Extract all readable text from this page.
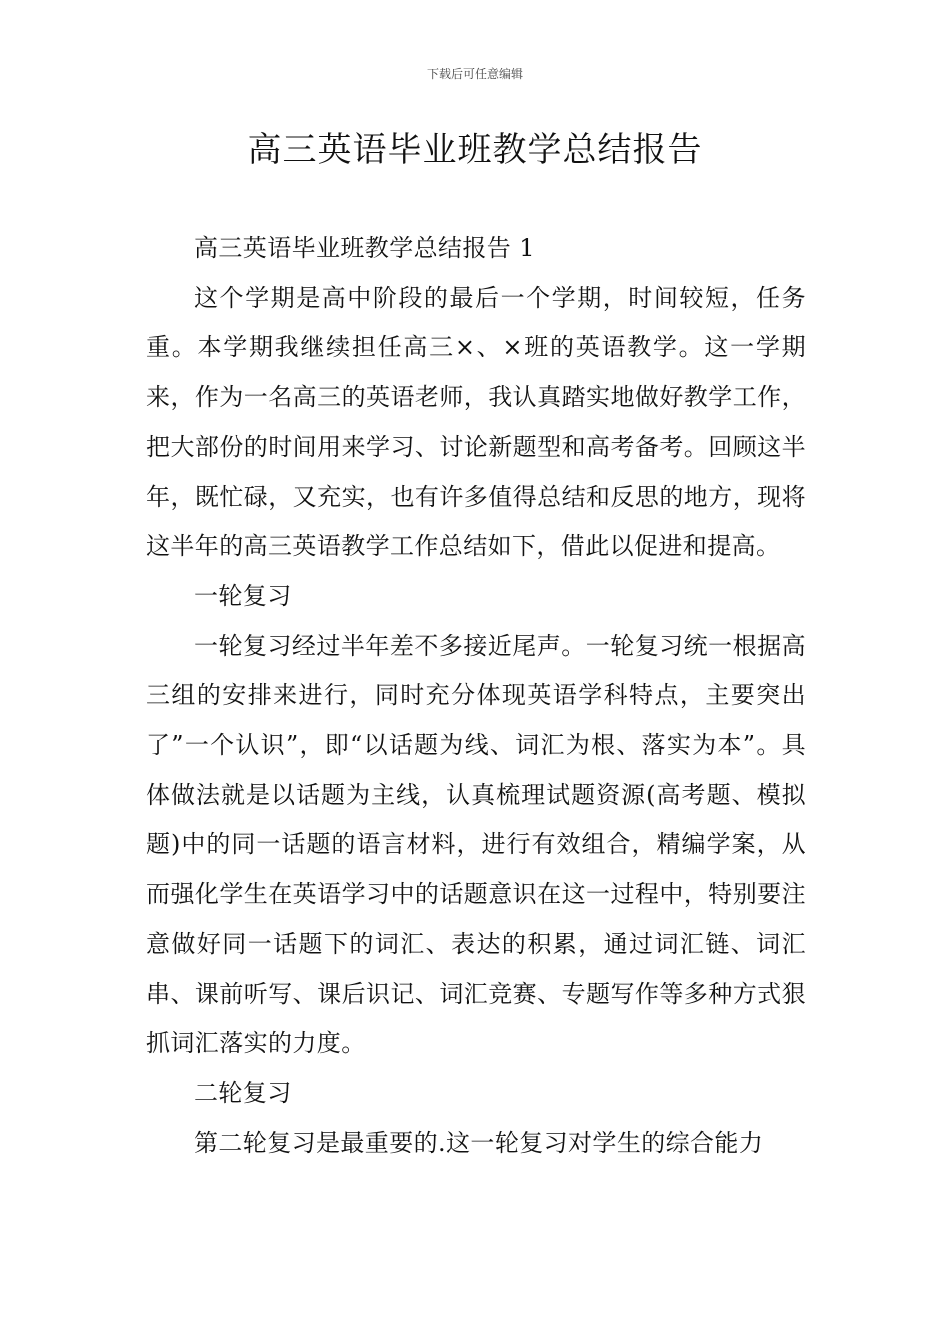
下载后可任意编辑
高三英语毕业班教学总结报告

高三英语毕业班教学总结报告 1

这个学期是高中阶段的最后一个学期，时间较短，任务重。本学期我继续担任高三×、×班的英语教学。这一学期来，作为一名高三的英语老师，我认真踏实地做好教学工作，把大部份的时间用来学习、讨论新题型和高考备考。回顾这半年，既忙碌，又充实，也有许多值得总结和反思的地方，现将这半年的高三英语教学工作总结如下，借此以促进和提高。

一轮复习

一轮复习经过半年差不多接近尾声。一轮复习统一根据高三组的安排来进行，同时充分体现英语学科特点，主要突出了”一个认识”，即“以话题为线、词汇为根、落实为本”。具体做法就是以话题为主线，认真梳理试题资源(高考题、模拟题)中的同一话题的语言材料，进行有效组合，精编学案，从而强化学生在英语学习中的话题意识在这一过程中，特别要注意做好同一话题下的词汇、表达的积累，通过词汇链、词汇串、课前听写、课后识记、词汇竞赛、专题写作等多种方式狠抓词汇落实的力度。

二轮复习

第二轮复习是最重要的.这一轮复习对学生的综合能力
